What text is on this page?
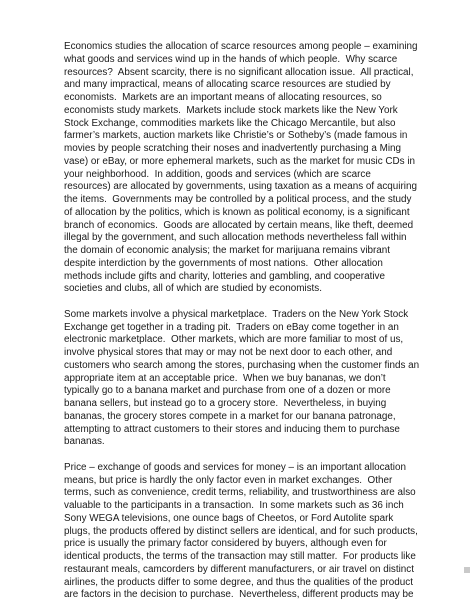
Economics studies the allocation of scarce resources among people – examining
what goods and services wind up in the hands of which people.  Why scarce
resources?  Absent scarcity, there is no significant allocation issue.  All practical,
and many impractical, means of allocating scarce resources are studied by
economists.  Markets are an important means of allocating resources, so
economists study markets.  Markets include stock markets like the New York
Stock Exchange, commodities markets like the Chicago Mercantile, but also
farmer’s markets, auction markets like Christie’s or Sotheby’s (made famous in
movies by people scratching their noses and inadvertently purchasing a Ming
vase) or eBay, or more ephemeral markets, such as the market for music CDs in
your neighborhood.  In addition, goods and services (which are scarce
resources) are allocated by governments, using taxation as a means of acquiring
the items.  Governments may be controlled by a political process, and the study
of allocation by the politics, which is known as political economy, is a significant
branch of economics.  Goods are allocated by certain means, like theft, deemed
illegal by the government, and such allocation methods nevertheless fall within
the domain of economic analysis; the market for marijuana remains vibrant
despite interdiction by the governments of most nations.  Other allocation
methods include gifts and charity, lotteries and gambling, and cooperative
societies and clubs, all of which are studied by economists.
Some markets involve a physical marketplace.  Traders on the New York Stock
Exchange get together in a trading pit.  Traders on eBay come together in an
electronic marketplace.  Other markets, which are more familiar to most of us,
involve physical stores that may or may not be next door to each other, and
customers who search among the stores, purchasing when the customer finds an
appropriate item at an acceptable price.  When we buy bananas, we don’t
typically go to a banana market and purchase from one of a dozen or more
banana sellers, but instead go to a grocery store.  Nevertheless, in buying
bananas, the grocery stores compete in a market for our banana patronage,
attempting to attract customers to their stores and inducing them to purchase
bananas.
Price – exchange of goods and services for money – is an important allocation
means, but price is hardly the only factor even in market exchanges.  Other
terms, such as convenience, credit terms, reliability, and trustworthiness are also
valuable to the participants in a transaction.  In some markets such as 36 inch
Sony WEGA televisions, one ounce bags of Cheetos, or Ford Autolite spark
plugs, the products offered by distinct sellers are identical, and for such products,
price is usually the primary factor considered by buyers, although even for
identical products, the terms of the transaction may still matter.  For products like
restaurant meals, camcorders by different manufacturers, or air travel on distinct
airlines, the products differ to some degree, and thus the qualities of the product
are factors in the decision to purchase.  Nevertheless, different products may be
